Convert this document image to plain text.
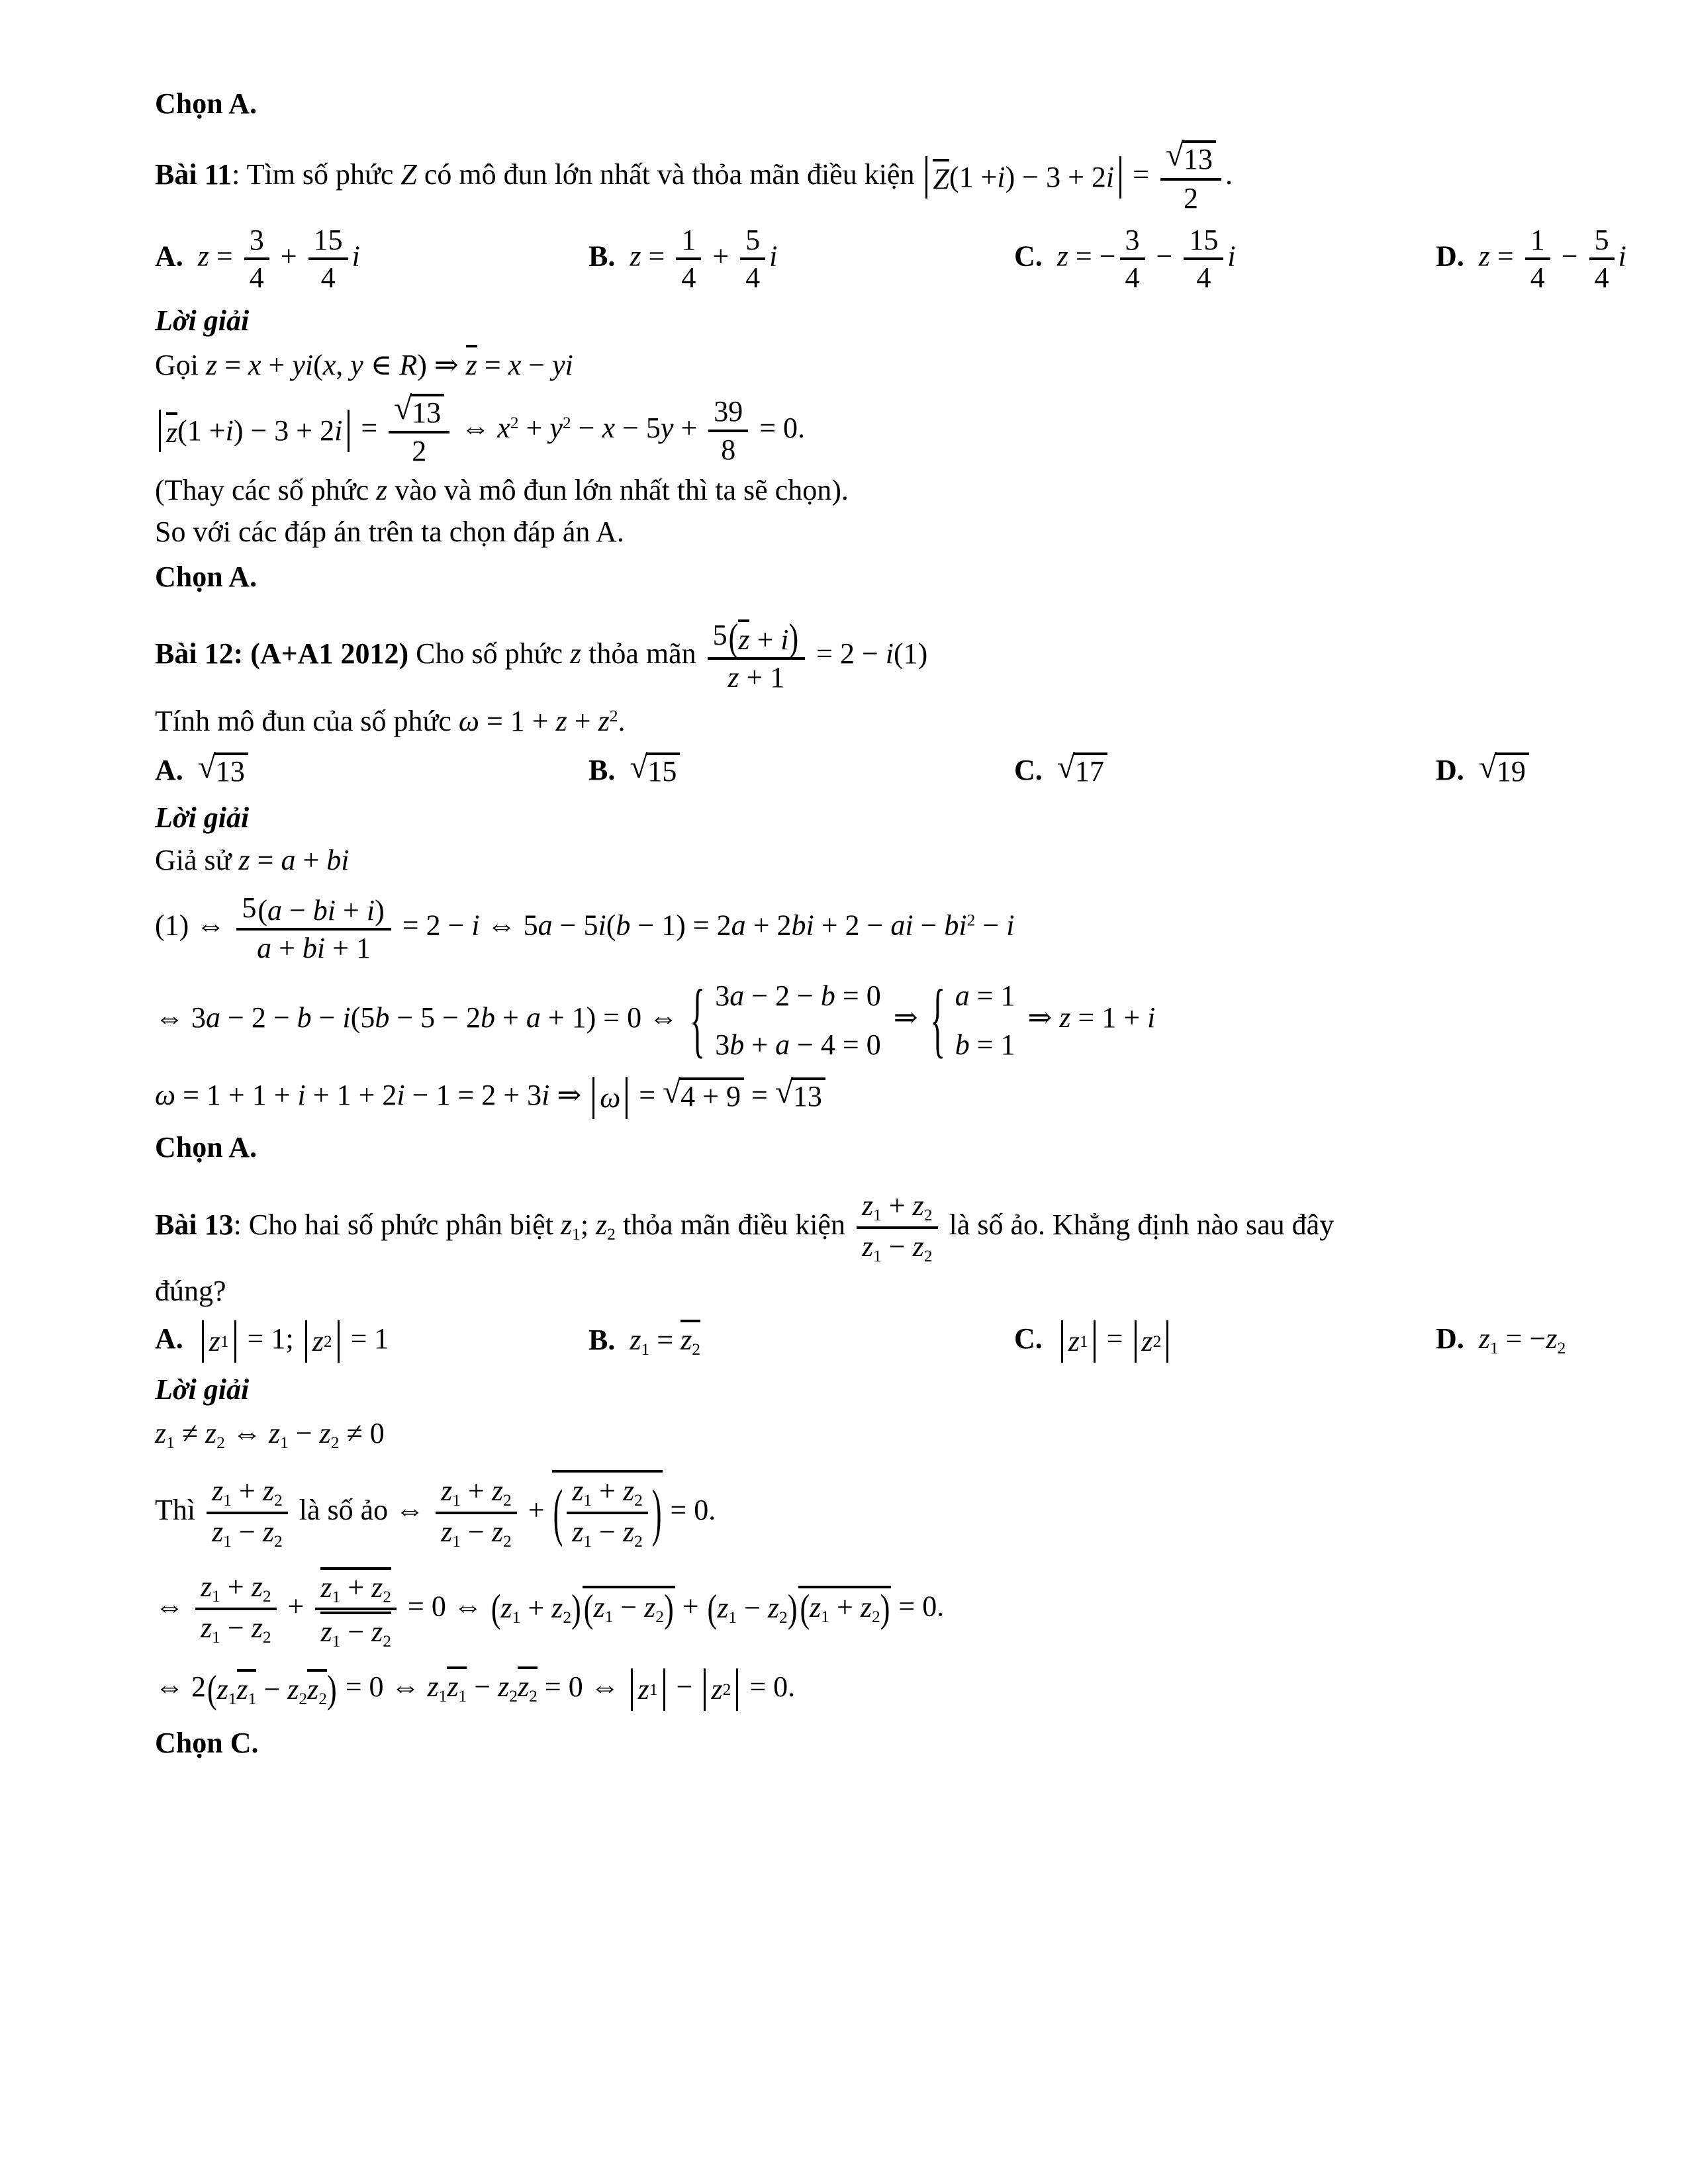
Chọn A.
Bài 11: Tìm số phức Z có mô đun lớn nhất và thỏa mãn điều kiện Z (1 + i ) − 3 + 2 $i = \frac{√ 13}{2}$ .
A. $z = \frac{3}{4} + \frac{15}{4}$ i	B. $z = \frac{1}{4} + \frac{5}{4}$ i	C. z = − $\frac{3}{4} - \frac{15}{4}$ i	D. $z = \frac{1}{4} - \frac{5}{4}$ i
Lời giải
Gọi z = x + yi(x, y ∈ R) ⇒ z = x − yi
z (1 + i ) − 3 + 2 $i = \frac{√ 13}{2}$ ⇔ $x^2 + y^2 - x - 5y + \frac{39}{8} = 0$.
(Thay các số phức z vào và mô đun lớn nhất thì ta sẽ chọn).
So với các đáp án trên ta chọn đáp án A.
Chọn A.
Bài 12: (A+A1 2012) Cho số phức z thỏa mãn $\frac{5 ( z + i )}{z + 1} = 2 - i(1)$
Tính mô đun của số phức $\omega = 1 + z + z^2$.
A. √ 13	B. √ 15	C. √ 17	D. √ 19
Lời giải
Giả sử z = a + bi
(1) ⇔ $\frac{5 ( a - bi + i )}{a + bi + 1} = 2 - i$ ⇔ 5a − 5i(b − 1) = 2a + 2bi + 2 − ai − $bi^2 - i$
⇔ 3a − 2 − b − i(5b − 5 − 2b + a + 1) = 0 ⇔ { 3a − 2 − b = 0
3b + a − 4 = 0
⇒ { a = 1
b = 1
⇒ z = 1 + i
ω = 1 + 1 + i + 1 + 2i − 1 = 2 + 3i ⇒ ω = √ 4 + 9 = √ 13
Chọn A.
Bài 13: Cho hai số phức phân biệt z1; z2 thỏa mãn điều kiện $\frac{z1 + z2}{z1 - z2}$ là số ảo. Khẳng định nào sau đây
đúng?
A. z 1 = 1; z 2 = 1	B. z1 = z2	C. z 1 = z 2	D. z1 = −z2
Lời giải
z1 ≠ z2 ⇔ z1 − z2 ≠ 0
Thì $\frac{z1 + z2}{z1 - z2}$ là số ảo ⇔ $\frac{z1 + z2}{z1 - z2}$ + ( $\frac{z1 + z2}{z1 - z2}$ ) = 0.
⇔ $\frac{z1 + z2}{z1 - z2} + \frac{z1 + z2}{z1 - z2} = 0$ ⇔ ( z1 + z2 ) ( z1 − z2 ) + ( z1 − z2 ) ( z1 + z2 ) = 0.
⇔ 2 ( z1z1 − z2z2 ) = 0 ⇔ z1z1 − z2z2 = 0 ⇔ z 1 − z 2 = 0.
Chọn C.
